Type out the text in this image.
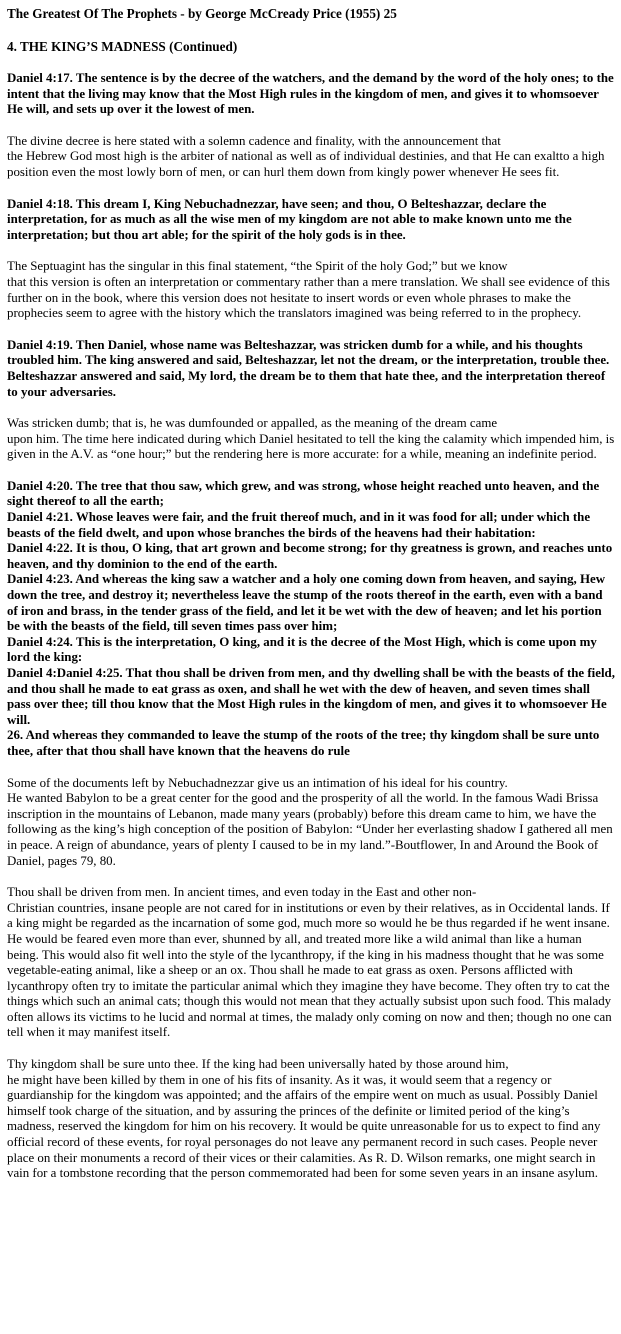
The Greatest Of The Prophets - by George McCready Price (1955) 25
4. THE KING’S MADNESS (Continued)

Daniel 4:17. The sentence is by the decree of the watchers, and the demand by the word of the holy ones; to the intent that the living may know that the Most High rules in the kingdom of men, and gives it to whomsoever He will, and sets up over it the lowest of men.

The divine decree is here stated with a solemn cadence and finality, with the announcement that

the Hebrew God most high is the arbiter of national as well as of individual destinies, and that He can exaltto a high position even the most lowly born of men, or can hurl them down from kingly power whenever He sees fit.

Daniel 4:18. This dream I, King Nebuchadnezzar, have seen; and thou, O Belteshazzar, declare the interpretation, for as much as all the wise men of my kingdom are not able to make known unto me the interpretation; but thou art able; for the spirit of the holy gods is in thee.

The Septuagint has the singular in this final statement, “the Spirit of the holy God;” but we know

that this version is often an interpretation or commentary rather than a mere translation. We shall see evidence of this further on in the book, where this version does not hesitate to insert words or even whole phrases to make the prophecies seem to agree with the history which the translators imagined was being referred to in the prophecy.

Daniel 4:19. Then Daniel, whose name was Belteshazzar, was stricken dumb for a while, and his thoughts troubled him. The king answered and said, Belteshazzar, let not the dream, or the interpretation, trouble thee. Belteshazzar answered and said, My lord, the dream be to them that hate thee, and the interpretation thereof to your adversaries.

Was stricken dumb; that is, he was dumfounded or appalled, as the meaning of the dream came

upon him. The time here indicated during which Daniel hesitated to tell the king the calamity which impended him, is given in the A.V. as “one hour;” but the rendering here is more accurate: for a while, meaning an indefinite period.

Daniel 4:20. The tree that thou saw, which grew, and was strong, whose height reached unto heaven, and the sight thereof to all the earth;

Daniel 4:21. Whose leaves were fair, and the fruit thereof much, and in it was food for all; under which the beasts of the field dwelt, and upon whose branches the birds of the heavens had their habitation:

Daniel 4:22. It is thou, O king, that art grown and become strong; for thy greatness is grown, and reaches unto heaven, and thy dominion to the end of the earth.

Daniel 4:23. And whereas the king saw a watcher and a holy one coming down from heaven, and saying, Hew down the tree, and destroy it; nevertheless leave the stump of the roots thereof in the earth, even with a band of iron and brass, in the tender grass of the field, and let it be wet with the dew of heaven; and let his portion be with the beasts of the field, till seven times pass over him;

Daniel 4:24. This is the interpretation, O king, and it is the decree of the Most High, which is come upon my lord the king:

Daniel 4:Daniel 4:25. That thou shall be driven from men, and thy dwelling shall be with the beasts of the field, and thou shall he made to eat grass as oxen, and shall he wet with the dew of heaven, and seven times shall pass over thee; till thou know that the Most High rules in the kingdom of men, and gives it to whomsoever He will.

26. And whereas they commanded to leave the stump of the roots of the tree; thy kingdom shall be sure unto thee, after that thou shall have known that the heavens do rule

Some of the documents left by Nebuchadnezzar give us an intimation of his ideal for his country.

He wanted Babylon to be a great center for the good and the prosperity of all the world. In the famous Wadi Brissa inscription in the mountains of Lebanon, made many years (probably) before this dream came to him, we have the following as the king’s high conception of the position of Babylon: “Under her everlasting shadow I gathered all men in peace. A reign of abundance, years of plenty I caused to be in my land.”-Boutflower, In and Around the Book of Daniel, pages 79, 80.

Thou shall be driven from men. In ancient times, and even today in the East and other non-

Christian countries, insane people are not cared for in institutions or even by their relatives, as in Occidental lands. If a king might be regarded as the incarnation of some god, much more so would he be thus regarded if he went insane. He would be feared even more than ever, shunned by all, and treated more like a wild animal than like a human being. This would also fit well into the style of the lycanthropy, if the king in his madness thought that he was some vegetable-eating animal, like a sheep or an ox. Thou shall he made to eat grass as oxen. Persons afflicted with lycanthropy often try to imitate the particular animal which they imagine they have become. They often try to cat the things which such an animal cats; though this would not mean that they actually subsist upon such food. This malady often allows its victims to he lucid and normal at times, the malady only coming on now and then; though no one can tell when it may manifest itself.

Thy kingdom shall be sure unto thee. If the king had been universally hated by those around him,

he might have been killed by them in one of his fits of insanity. As it was, it would seem that a regency or guardianship for the kingdom was appointed; and the affairs of the empire went on much as usual. Possibly Daniel himself took charge of the situation, and by assuring the princes of the definite or limited period of the king’s madness, reserved the kingdom for him on his recovery. It would be quite unreasonable for us to expect to find any official record of these events, for royal personages do not leave any permanent record in such cases. People never place on their monuments a record of their vices or their calamities. As R. D. Wilson remarks, one might search in vain for a tombstone recording that the person commemorated had been for some seven years in an insane asylum.
